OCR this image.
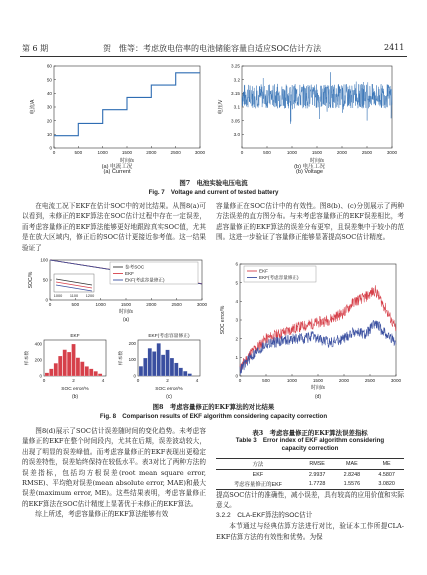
第 6 期	贺　惟等：考虑放电倍率的电池储能容量自适应SOC估计方法	2411
0	500	1000	1500	2000	2500	3000
0
10
20
30
40
50
60
电流/A
时间/s
0	500	1000	1500	2000	2500	3000
3.0
3.05
3.1
3.15
3.2
3.25
电压/V
时间/s
(a) 电流工况
(a) Current
(b) 电压工况
(b) Voltage
图7　电池实验电压电流
Fig. 7　Voltage and current of tested battery

在电流工况下EKF在估计SOC中的对比结果。从图8(a)可以看到，未修正的EKF算法在SOC估计过程中存在一定误差，而考虑容量修正的EKF算法能够更好地跟踪真实SOC值，尤其是在放大区域内，修正后的SOC估计更接近参考值。这一结果验证了

容量修正在SOC估计中的有效性。图8(b)、(c)分别展示了两种方法误差的直方图分布。与未考虑容量修正的EKF误差相比，考虑容量修正的EKF算法的误差分布更窄，且误差集中于较小的范围。这进一步验证了容量修正能够显著提高SOC估计精度。

0	500	1000	1500	2000	2500	3000
0
50
100
参考SOC
EKF
EKF(考虑容量修正)
1000 1100 1200
SOC/%
时间/s
(a)
0	2	4
0
200
400
EKF
样本数
SOC error/%
(b)
0	2	4
0
100
200
EKF(考虑容量修正)
样本数
SOC error/%
(c)
0	500	1000	1500	2000	2500	3000
0
1
2
3
4
5
6
EKF
EKF(考虑容量修正)
SOC error/%
时间/s
(d)
图8　考虑容量修正的EKF算法的对比结果
Fig. 8　Comparison results of EKF algorithm considering capacity correction

图8(d)展示了SOC估计误差随时间的变化趋势。未考虑容量修正的EKF在整个时间段内，尤其在后期，误差波动较大，出现了明显的误差峰值。而考虑容量修正的EKF表现出更稳定的误差特性，误差始终保持在较低水平。表3对比了两种方法的误差指标，包括均方根误差(root mean square error, RMSE)、平均绝对误差(mean absolute error, MAE)和最大误差(maximum error, ME)。这些结果表明，考虑容量修正的EKF算法在SOC估计精度上显著优于未修正的EKF算法。

综上所述，考虑容量修正的EKF算法能够有效

表3　考虑容量修正的EKF算法误差指标
Table 3　Error index of EKF algorithm considering capacity correction
方法	RMSE	MAE	ME
EKF	2.9937	2.8248	4.5807
考虑容量修正的EKF	1.7728	1.5576	3.0820

提高SOC估计的准确性，减小误差，具有较高的应用价值和实际意义。

3.2.2　CLA-EKF算法的SOC估计

本节通过与经典估算方法进行对比，验证本工作所提CLA-EKF估算方法的有效性和优势。为保
